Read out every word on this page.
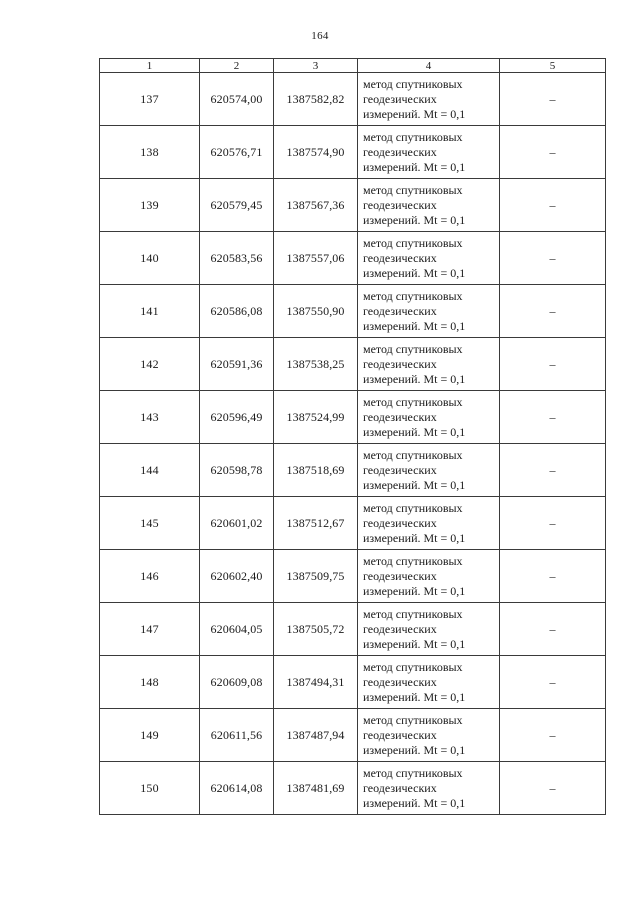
164
1	2	3	4	5
137	620574,00	1387582,82	метод спутниковых
геодезических
измерений. Mt = 0,1	–
138	620576,71	1387574,90	метод спутниковых
геодезических
измерений. Mt = 0,1	–
139	620579,45	1387567,36	метод спутниковых
геодезических
измерений. Mt = 0,1	–
140	620583,56	1387557,06	метод спутниковых
геодезических
измерений. Mt = 0,1	–
141	620586,08	1387550,90	метод спутниковых
геодезических
измерений. Mt = 0,1	–
142	620591,36	1387538,25	метод спутниковых
геодезических
измерений. Mt = 0,1	–
143	620596,49	1387524,99	метод спутниковых
геодезических
измерений. Mt = 0,1	–
144	620598,78	1387518,69	метод спутниковых
геодезических
измерений. Mt = 0,1	–
145	620601,02	1387512,67	метод спутниковых
геодезических
измерений. Mt = 0,1	–
146	620602,40	1387509,75	метод спутниковых
геодезических
измерений. Mt = 0,1	–
147	620604,05	1387505,72	метод спутниковых
геодезических
измерений. Mt = 0,1	–
148	620609,08	1387494,31	метод спутниковых
геодезических
измерений. Mt = 0,1	–
149	620611,56	1387487,94	метод спутниковых
геодезических
измерений. Mt = 0,1	–
150	620614,08	1387481,69	метод спутниковых
геодезических
измерений. Mt = 0,1	–
